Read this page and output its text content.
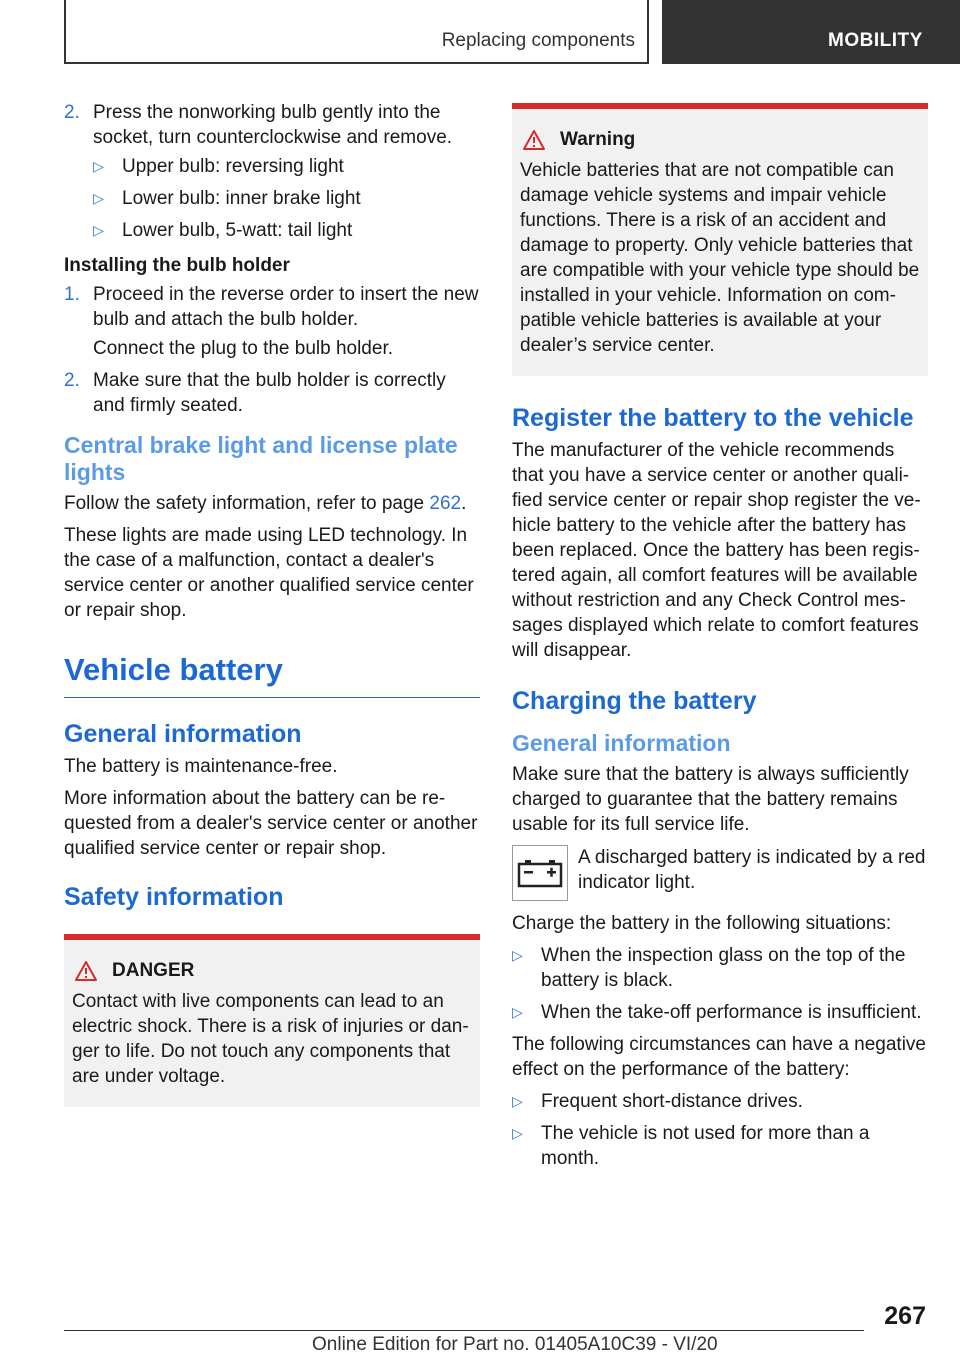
Replacing components	MOBILITY
2. Press the nonworking bulb gently into the socket, turn counterclockwise and remove.
▷ Upper bulb: reversing light
▷ Lower bulb: inner brake light
▷ Lower bulb, 5-watt: tail light
Installing the bulb holder
1. Proceed in the reverse order to insert the new bulb and attach the bulb holder.
Connect the plug to the bulb holder.
2. Make sure that the bulb holder is correctly and firmly seated.
Central brake light and license plate lights

Follow the safety information, refer to page 262.

These lights are made using LED technology. In the case of a malfunction, contact a dealer's service center or another qualified service center or repair shop.

Vehicle battery
General information

The battery is maintenance-free.

More information about the battery can be re‐quested from a dealer's service center or another qualified service center or repair shop.

Safety information
DANGER

Contact with live components can lead to an electric shock. There is a risk of injuries or dan‐ger to life. Do not touch any components that are under voltage.

Warning

Vehicle batteries that are not compatible can damage vehicle systems and impair vehicle functions. There is a risk of an accident and damage to property. Only vehicle batteries that are compatible with your vehicle type should be installed in your vehicle. Information on com‐patible vehicle batteries is available at your dealer’s service center.

Register the battery to the vehicle

The manufacturer of the vehicle recommends that you have a service center or another quali‐fied service center or repair shop register the ve‐hicle battery to the vehicle after the battery has been replaced. Once the battery has been regis‐tered again, all comfort features will be available without restriction and any Check Control mes‐sages displayed which relate to comfort features will disappear.

Charging the battery
General information

Make sure that the battery is always sufficiently charged to guarantee that the battery remains usable for its full service life.

A discharged battery is indicated by a red indicator light.

Charge the battery in the following situations:

▷ When the inspection glass on the top of the battery is black.
▷ When the take-off performance is insufficient.

The following circumstances can have a negative effect on the performance of the battery:

▷ Frequent short-distance drives.
▷ The vehicle is not used for more than a month.
267
Online Edition for Part no. 01405A10C39 - VI/20
